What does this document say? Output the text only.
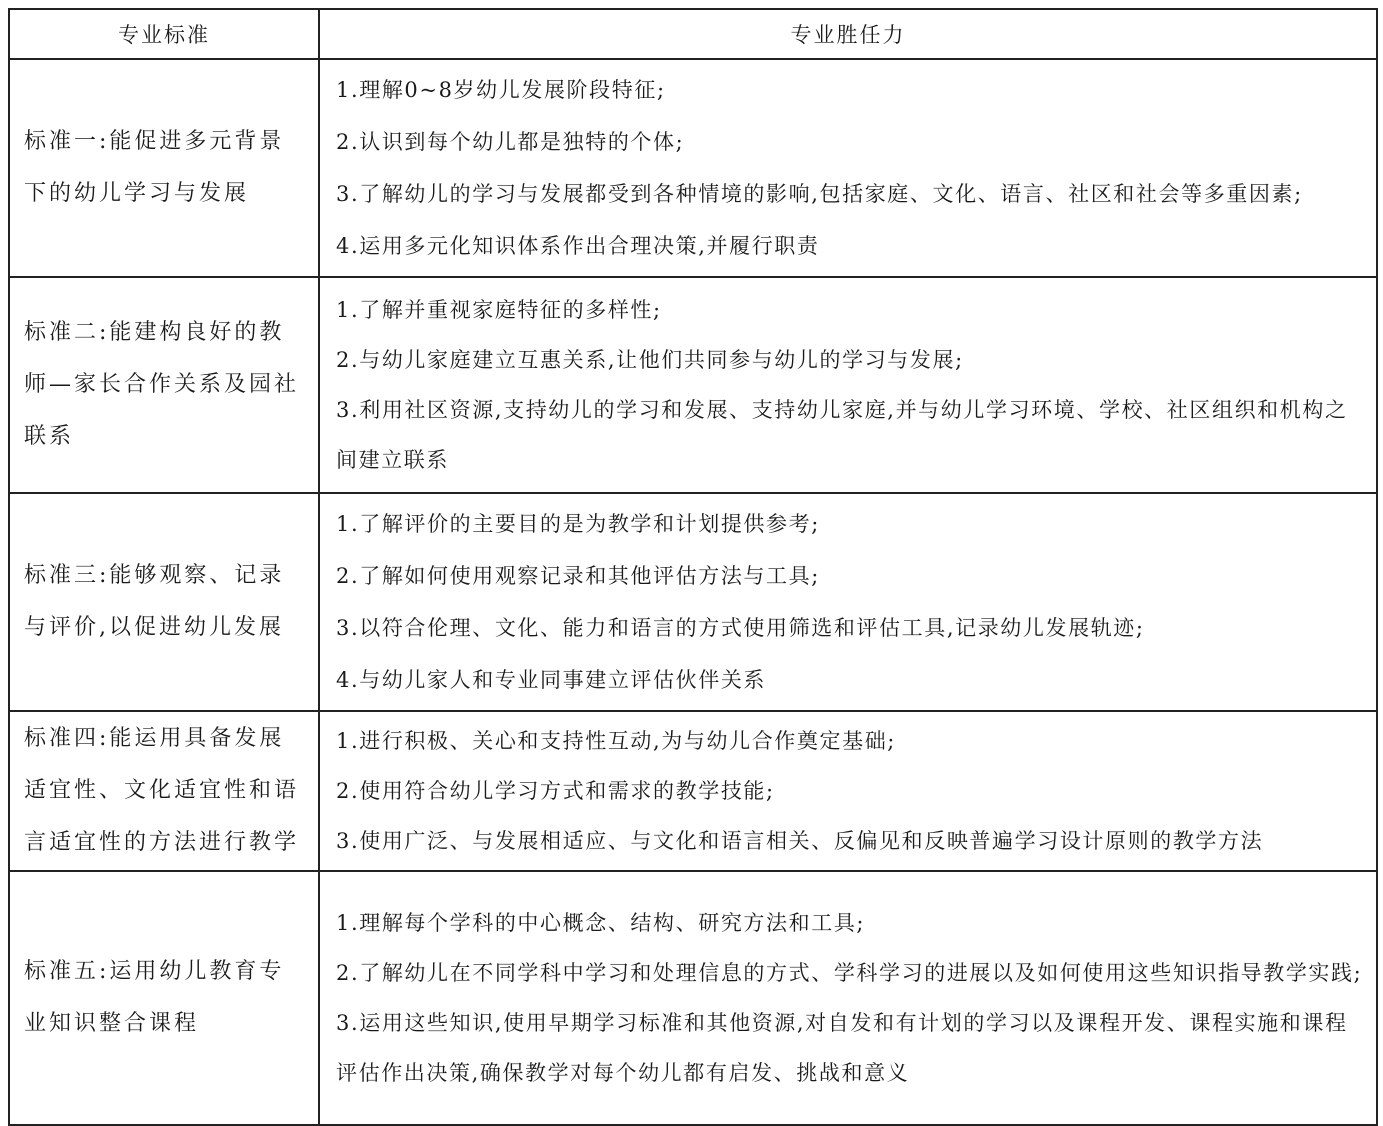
专业标准	专业胜任力
标准一:能促进多元背景下的幼儿学习与发展	1.理解0~8岁幼儿发展阶段特征;
2.认识到每个幼儿都是独特的个体;
3.了解幼儿的学习与发展都受到各种情境的影响,包括家庭、文化、语言、社区和社会等多重因素;
4.运用多元化知识体系作出合理决策,并履行职责

标准二:能建构良好的教师—家长合作关系及园社联系	1.了解并重视家庭特征的多样性;
2.与幼儿家庭建立互惠关系,让他们共同参与幼儿的学习与发展;
3.利用社区资源,支持幼儿的学习和发展、支持幼儿家庭,并与幼儿学习环境、学校、社区组织和机构之间建立联系

标准三:能够观察、记录与评价,以促进幼儿发展	1.了解评价的主要目的是为教学和计划提供参考;
2.了解如何使用观察记录和其他评估方法与工具;
3.以符合伦理、文化、能力和语言的方式使用筛选和评估工具,记录幼儿发展轨迹;
4.与幼儿家人和专业同事建立评估伙伴关系

标准四:能运用具备发展适宜性、文化适宜性和语言适宜性的方法进行教学	1.进行积极、关心和支持性互动,为与幼儿合作奠定基础;
2.使用符合幼儿学习方式和需求的教学技能;
3.使用广泛、与发展相适应、与文化和语言相关、反偏见和反映普遍学习设计原则的教学方法

标准五:运用幼儿教育专业知识整合课程	1.理解每个学科的中心概念、结构、研究方法和工具;
2.了解幼儿在不同学科中学习和处理信息的方式、学科学习的进展以及如何使用这些知识指导教学实践;
3.运用这些知识,使用早期学习标准和其他资源,对自发和有计划的学习以及课程开发、课程实施和课程评估作出决策,确保教学对每个幼儿都有启发、挑战和意义
